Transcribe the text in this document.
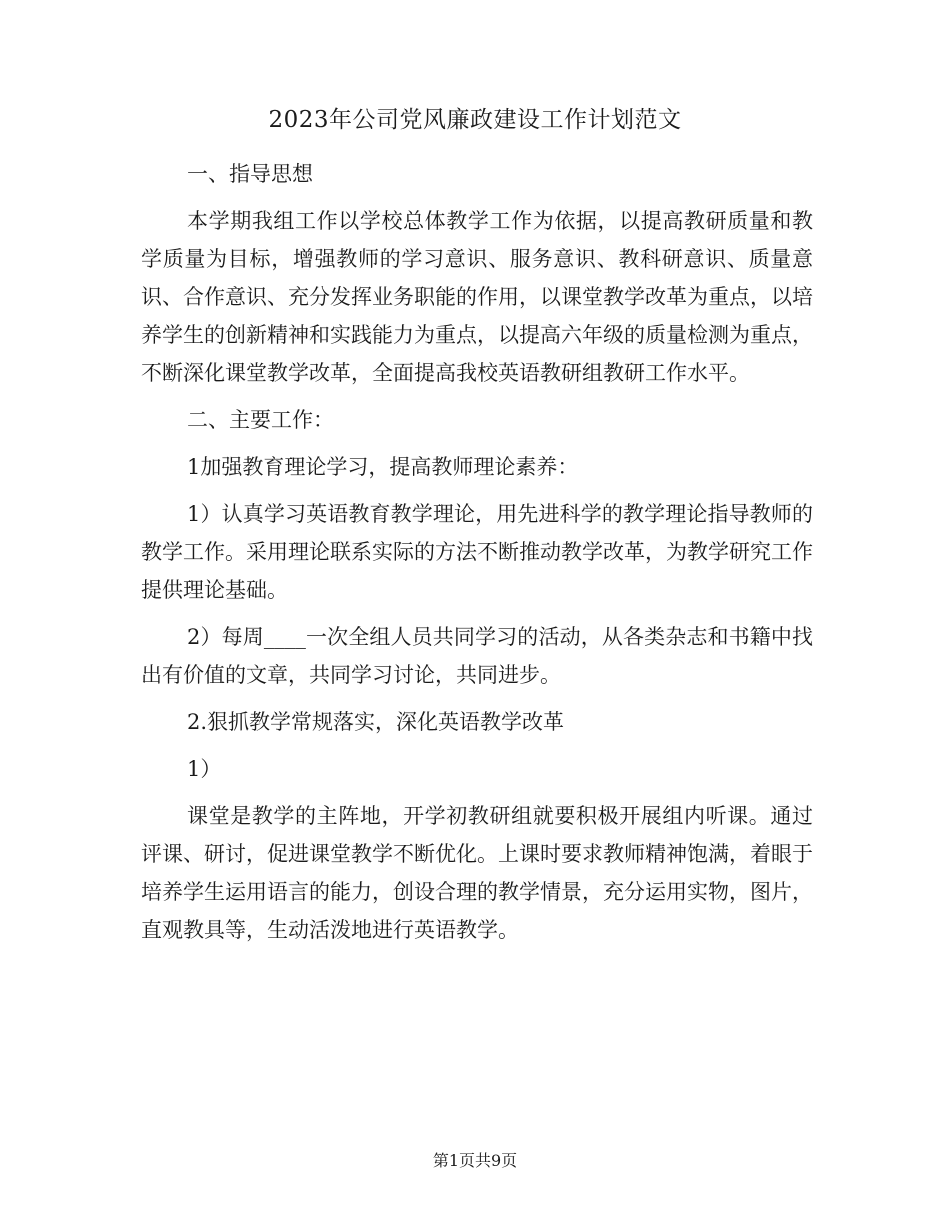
2023年公司党风廉政建设工作计划范文

一、指导思想

本学期我组工作以学校总体教学工作为依据，以提高教研质量和教学质量为目标，增强教师的学习意识、服务意识、教科研意识、质量意识、合作意识、充分发挥业务职能的作用，以课堂教学改革为重点，以培养学生的创新精神和实践能力为重点，以提高六年级的质量检测为重点，不断深化课堂教学改革，全面提高我校英语教研组教研工作水平。

二、主要工作：

1加强教育理论学习，提高教师理论素养：

1）认真学习英语教育教学理论，用先进科学的教学理论指导教师的教学工作。采用理论联系实际的方法不断推动教学改革，为教学研究工作提供理论基础。

2）每周____一次全组人员共同学习的活动，从各类杂志和书籍中找出有价值的文章，共同学习讨论，共同进步。

2.狠抓教学常规落实，深化英语教学改革

1）

课堂是教学的主阵地，开学初教研组就要积极开展组内听课。通过评课、研讨，促进课堂教学不断优化。上课时要求教师精神饱满，着眼于培养学生运用语言的能力，创设合理的教学情景，充分运用实物，图片，直观教具等，生动活泼地进行英语教学。

第1页共9页
